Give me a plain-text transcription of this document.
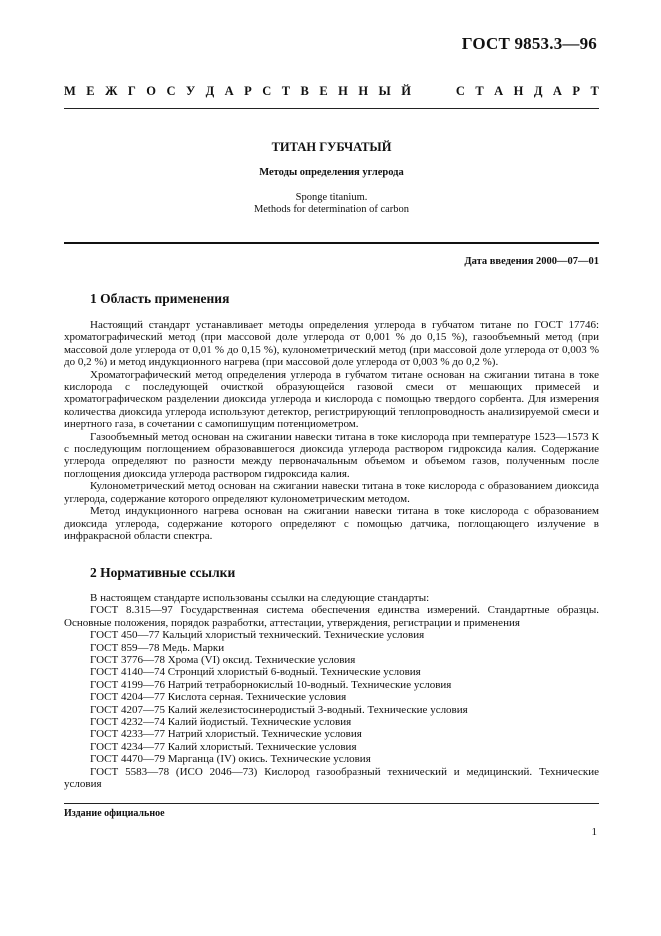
ГОСТ 9853.3—96
М Е Ж Г О С У Д А Р С Т В Е Н Н Ы Й	С Т А Н Д А Р Т
ТИТАН ГУБЧАТЫЙ
Методы определения углерода
Sponge titanium.
Methods for determination of carbon
Дата введения 2000—07—01
1 Область применения

Настоящий стандарт устанавливает методы определения углерода в губчатом титане по ГОСТ 17746: хроматографический метод (при массовой доле углерода от 0,001 % до 0,15 %), газообъемный метод (при массовой доле углерода от 0,01 % до 0,15 %), кулонометрический метод (при массовой доле углерода от 0,003 % до 0,2 %) и метод индукционного нагрева (при массовой доле углерода от 0,003 % до 0,2 %).

Хроматографический метод определения углерода в губчатом титане основан на сжигании титана в токе кислорода с последующей очисткой образующейся газовой смеси от мешающих примесей и хроматографическом разделении диоксида углерода и кислорода с помощью твердого сорбента. Для измерения количества диоксида углерода используют детектор, регистрирующий теплопроводность анализируемой смеси и инертного газа, в сочетании с самопишущим потенциометром.

Газообъемный метод основан на сжигании навески титана в токе кислорода при температуре 1523—1573 К с последующим поглощением образовавшегося диоксида углерода раствором гидроксида калия. Содержание углерода определяют по разности между первоначальным объемом и объемом газов, полученным после поглощения диоксида углерода раствором гидроксида калия.

Кулонометрический метод основан на сжигании навески титана в токе кислорода с образованием диоксида углерода, содержание которого определяют кулонометрическим методом.

Метод индукционного нагрева основан на сжигании навески титана в токе кислорода с образованием диоксида углерода, содержание которого определяют с помощью датчика, поглощающего излучение в инфракрасной области спектра.

2 Нормативные ссылки

В настоящем стандарте использованы ссылки на следующие стандарты:

ГОСТ 8.315—97 Государственная система обеспечения единства измерений. Стандартные образцы. Основные положения, порядок разработки, аттестации, утверждения, регистрации и применения

ГОСТ 450—77 Кальций хлористый технический. Технические условия

ГОСТ 859—78 Медь. Марки

ГОСТ 3776—78 Хрома (VI) оксид. Технические условия

ГОСТ 4140—74 Стронций хлористый 6-водный. Технические условия

ГОСТ 4199—76 Натрий тетраборнокислый 10-водный. Технические условия

ГОСТ 4204—77 Кислота серная. Технические условия

ГОСТ 4207—75 Калий железистосинеродистый 3-водный. Технические условия

ГОСТ 4232—74 Калий йодистый. Технические условия

ГОСТ 4233—77 Натрий хлористый. Технические условия

ГОСТ 4234—77 Калий хлористый. Технические условия

ГОСТ 4470—79 Марганца (IV) окись. Технические условия

ГОСТ 5583—78 (ИСО 2046—73) Кислород газообразный технический и медицинский. Технические условия

Издание официальное
1
